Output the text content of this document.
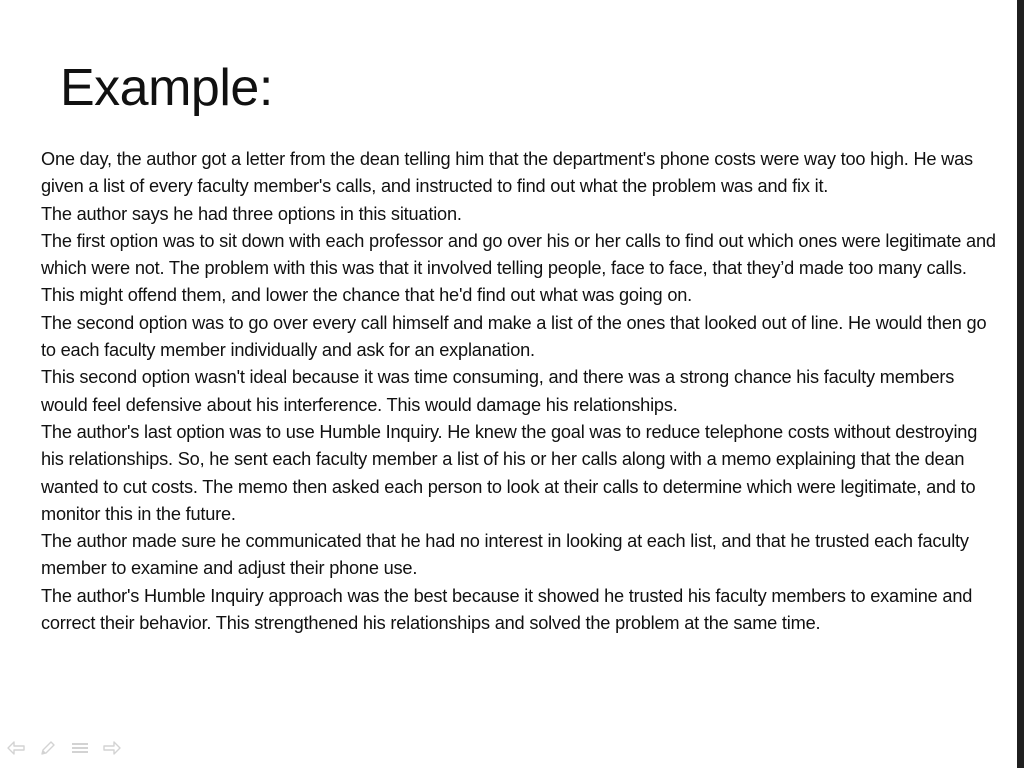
Example:

One day, the author got a letter from the dean telling him that the department's phone costs were way too high. He was given a list of every faculty member's calls, and instructed to find out what the problem was and fix it.

The author says he had three options in this situation.

The first option was to sit down with each professor and go over his or her calls to find out which ones were legitimate and which were not. The problem with this was that it involved telling people, face to face, that they’d made too many calls. This might offend them, and lower the chance that he'd find out what was going on.

The second option was to go over every call himself and make a list of the ones that looked out of line. He would then go to each faculty member individually and ask for an explanation.

This second option wasn't ideal because it was time consuming, and there was a strong chance his faculty members would feel defensive about his interference. This would damage his relationships.

The author's last option was to use Humble Inquiry. He knew the goal was to reduce telephone costs without destroying his relationships. So, he sent each faculty member a list of his or her calls along with a memo explaining that the dean wanted to cut costs. The memo then asked each person to look at their calls to determine which were legitimate, and to monitor this in the future.

The author made sure he communicated that he had no interest in looking at each list, and that he trusted each faculty member to examine and adjust their phone use.

The author's Humble Inquiry approach was the best because it showed he trusted his faculty members to examine and correct their behavior. This strengthened his relationships and solved the problem at the same time.
